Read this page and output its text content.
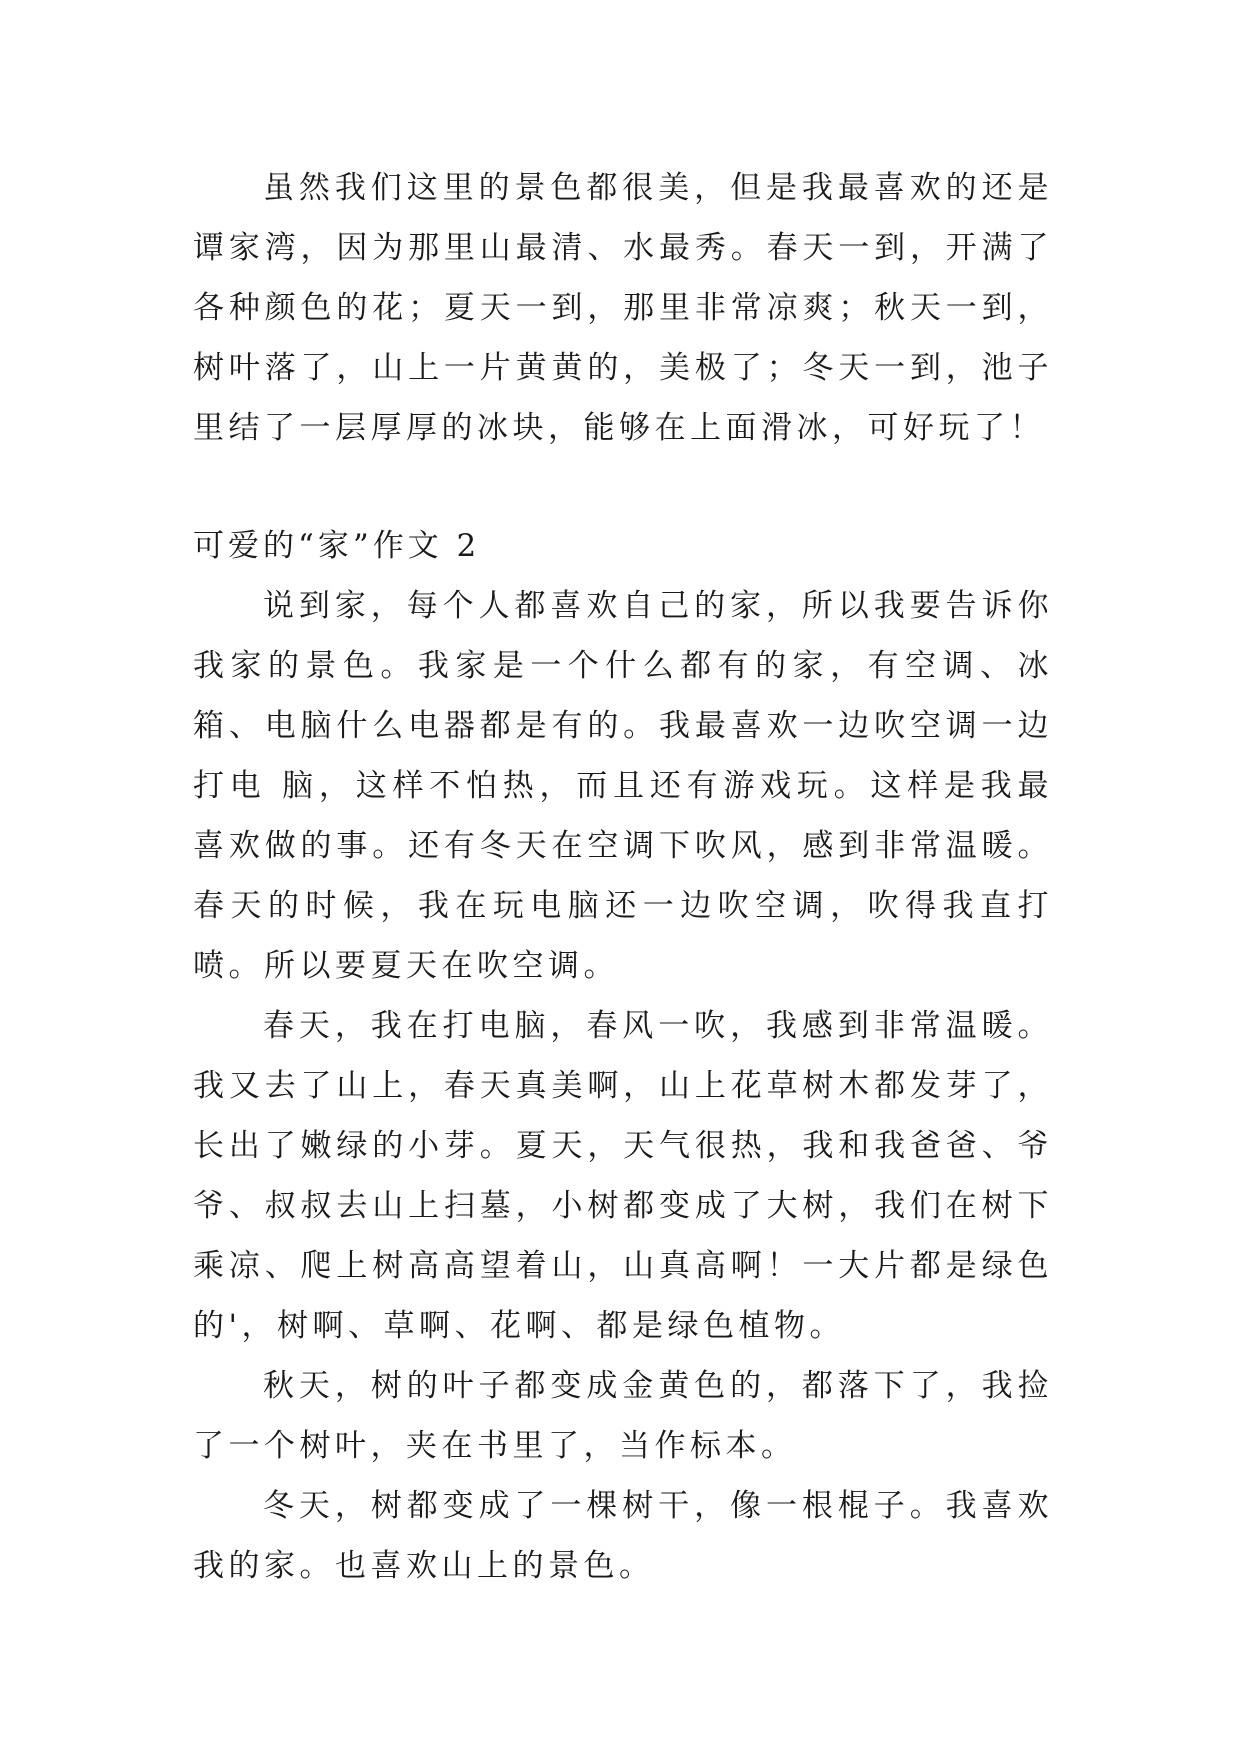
虽然我们这里的景色都很美，但是我最喜欢的还是谭家湾，因为那里山最清、水最秀。春天一到，开满了各种颜色的花；夏天一到，那里非常凉爽；秋天一到，树叶落了，山上一片黄黄的，美极了；冬天一到，池子里结了一层厚厚的冰块，能够在上面滑冰，可好玩了！

可爱的“家”作文 2

说到家，每个人都喜欢自己的家，所以我要告诉你我家的景色。我家是一个什么都有的家，有空调、冰箱、电脑什么电器都是有的。我最喜欢一边吹空调一边打电 脑，这样不怕热，而且还有游戏玩。这样是我最喜欢做的事。还有冬天在空调下吹风，感到非常温暖。春天的时候，我在玩电脑还一边吹空调，吹得我直打喷。所以要夏天在吹空调。

春天，我在打电脑，春风一吹，我感到非常温暖。我又去了山上，春天真美啊，山上花草树木都发芽了，长出了嫩绿的小芽。夏天，天气很热，我和我爸爸、爷爷、叔叔去山上扫墓，小树都变成了大树，我们在树下乘凉、爬上树高高望着山，山真高啊！一大片都是绿色的'，树啊、草啊、花啊、都是绿色植物。

秋天，树的叶子都变成金黄色的，都落下了，我捡了一个树叶，夹在书里了，当作标本。

冬天，树都变成了一棵树干，像一根棍子。我喜欢我的家。也喜欢山上的景色。
